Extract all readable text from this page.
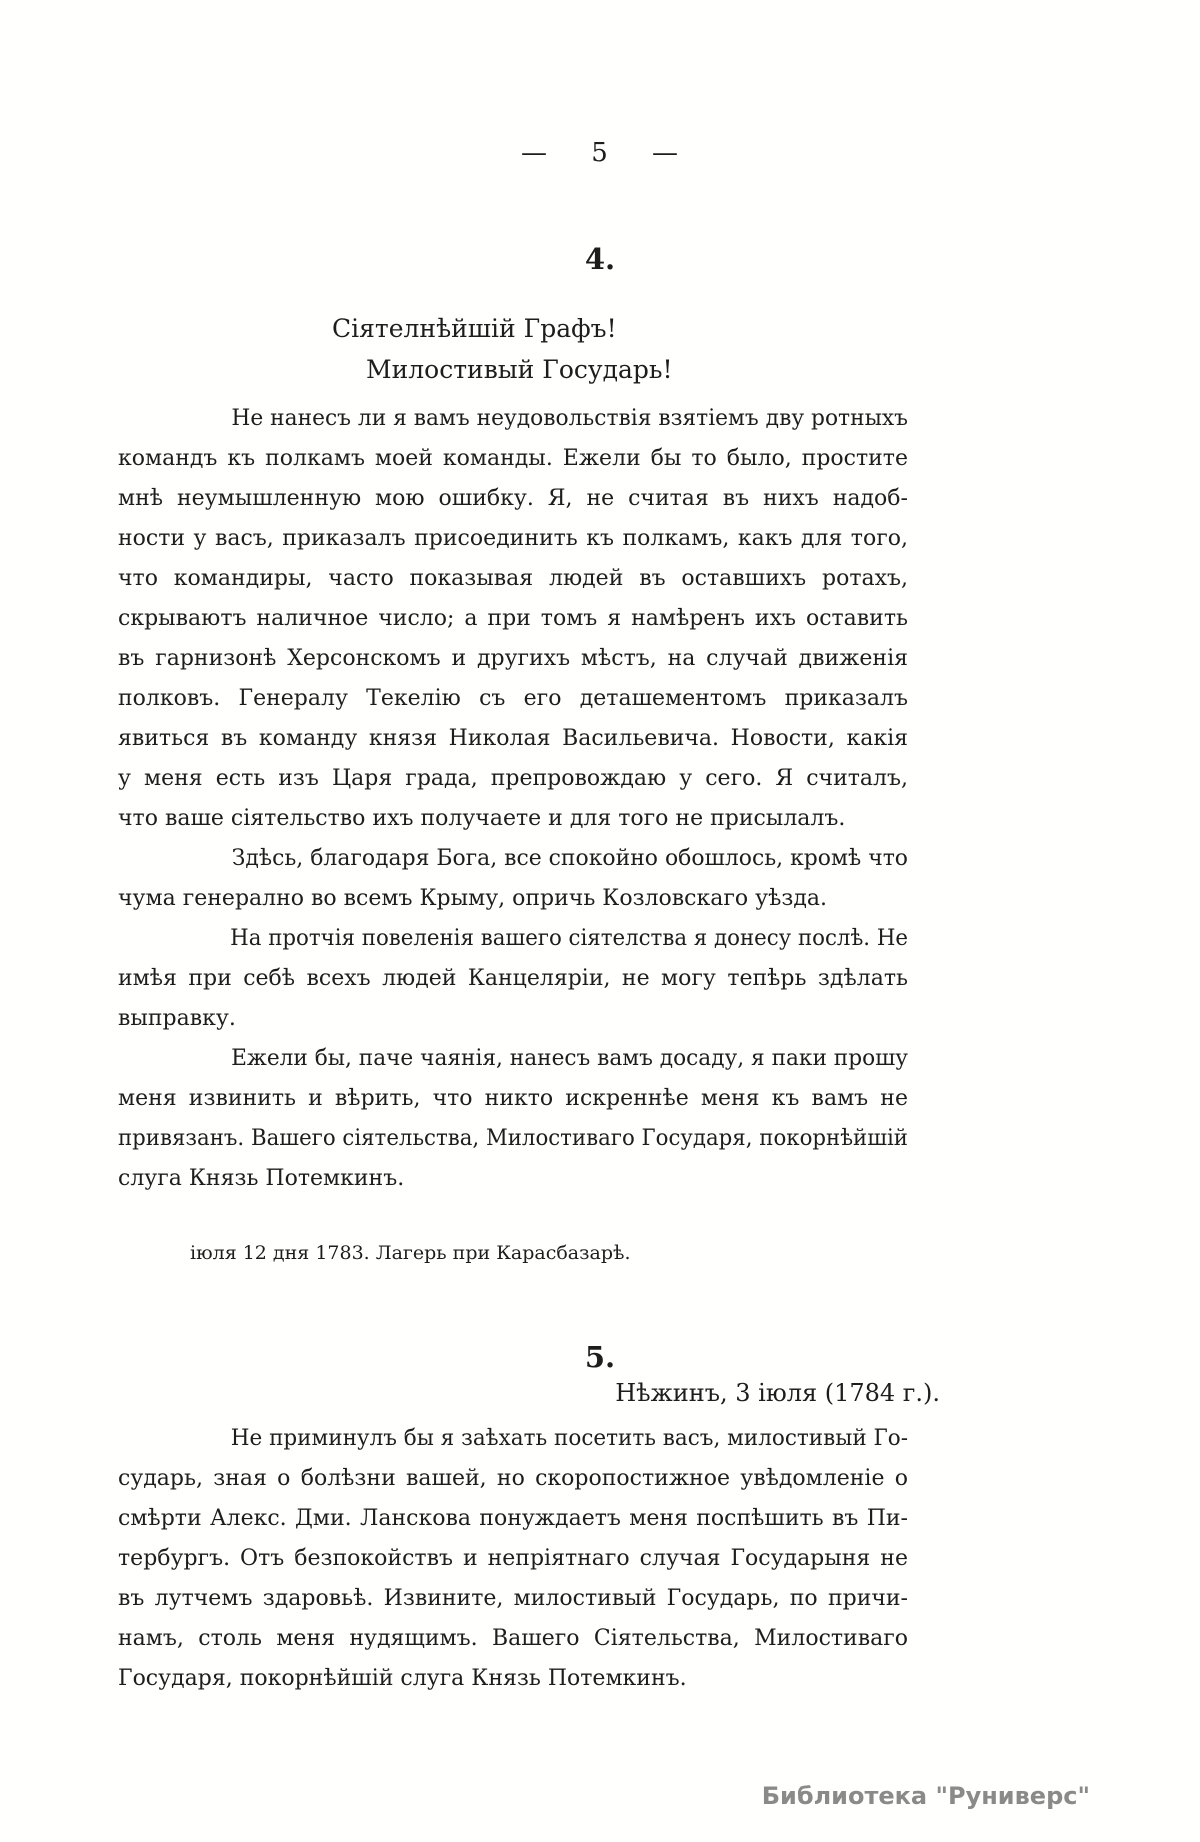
— 5 —
4.
Сіятелнѣйшій Графъ!
Милостивый Государь!
Не нанесъ ли я вамъ неудовольствія взятіемъ дву ротныхъ
командъ къ полкамъ моей команды. Ежели бы то было, простите
мнѣ неумышленную мою ошибку. Я, не считая въ нихъ надоб-
ности у васъ, приказалъ присоединить къ полкамъ, какъ для того,
что командиры, часто показывая людей въ оставшихъ ротахъ,
скрываютъ наличное число; а при томъ я намѣренъ ихъ оставить
въ гарнизонѣ Херсонскомъ и другихъ мѣстъ, на случай движенія
полковъ. Генералу Текелію съ его деташементомъ приказалъ
явиться въ команду князя Николая Васильевича. Новости, какія
у меня есть изъ Царя града, препровождаю у сего. Я считалъ,
что ваше сіятельство ихъ получаете и для того не присылалъ.
Здѣсь, благодаря Бога, все спокойно обошлось, кромѣ что
чума генерално во всемъ Крыму, опричь Козловскаго уѣзда.
На протчія повеленія вашего сіятелства я донесу послѣ. Не
имѣя при себѣ всехъ людей Канцеляріи, не могу тепѣрь здѣлать
выправку.
Ежели бы, паче чаянія, нанесъ вамъ досаду, я паки прошу
меня извинить и вѣрить, что никто искреннѣе меня къ вамъ не
привязанъ. Вашего сіятельства, Милостиваго Государя, покорнѣйшій
слуга Князь Потемкинъ.
іюля 12 дня 1783. Лагерь при Карасбазарѣ.
5.
Нѣжинъ, 3 іюля (1784 г.).
Не приминулъ бы я заѣхать посетить васъ, милостивый Го-
сударь, зная о болѣзни вашей, но скоропостижное увѣдомленіе о
смѣрти Алекс. Дми. Ланскова понуждаетъ меня поспѣшить въ Пи-
тербургъ. Отъ безпокойствъ и непріятнаго случая Государыня не
въ лутчемъ здаровьѣ. Извините, милостивый Государь, по причи-
намъ, столь меня нудящимъ. Вашего Сіятельства, Милостиваго
Государя, покорнѣйшій слуга Князь Потемкинъ.
Библиотека "Руниверс"
